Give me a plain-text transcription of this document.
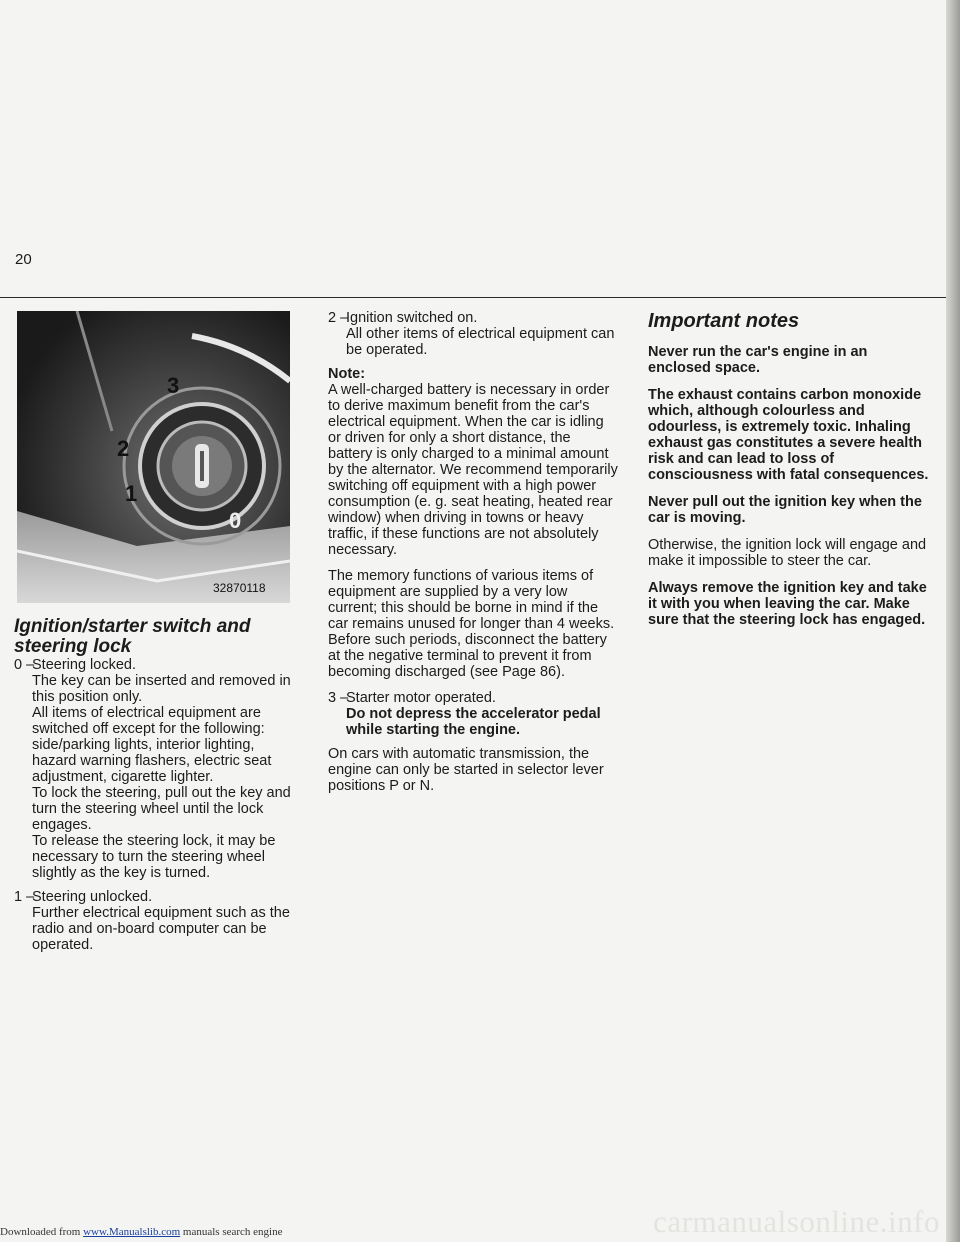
20
3
2
1
0
32870118

Ignition/starter switch and steering lock

0 –

Steering locked.

The key can be inserted and removed in this position only.

All items of electrical equipment are switched off except for the following: side/parking lights, interior lighting, hazard warning flashers, electric seat adjustment, cigarette lighter.

To lock the steering, pull out the key and turn the steering wheel until the lock engages.

To release the steering lock, it may be necessary to turn the steering wheel slightly as the key is turned.

1 –

Steering unlocked.

Further electrical equipment such as the radio and on-board computer can be operated.

2 –

Ignition switched on.

All other items of electrical equipment can be operated.

Note:

A well-charged battery is necessary in order to derive maximum benefit from the car's electrical equipment. When the car is idling or driven for only a short distance, the battery is only charged to a minimal amount by the alternator. We recommend temporarily switching off equipment with a high power consumption (e. g. seat heating, heated rear window) when driving in towns or heavy traffic, if these functions are not absolutely necessary.

The memory functions of various items of equipment are supplied by a very low current; this should be borne in mind if the car remains unused for longer than 4 weeks. Before such periods, disconnect the battery at the negative terminal to prevent it from becoming discharged (see Page 86).

3 –

Starter motor operated.

Do not depress the accelerator pedal while starting the engine.

On cars with automatic transmission, the engine can only be started in selector lever positions P or N.

Important notes

Never run the car's engine in an enclosed space.

The exhaust contains carbon monoxide which, although colourless and odourless, is extremely toxic. Inhaling exhaust gas constitutes a severe health risk and can lead to loss of consciousness with fatal consequences.

Never pull out the ignition key when the car is moving.

Otherwise, the ignition lock will engage and make it impossible to steer the car.

Always remove the ignition key and take it with you when leaving the car. Make sure that the steering lock has engaged.

carmanualsonline.info
Downloaded from www.Manualslib.com manuals search engine
